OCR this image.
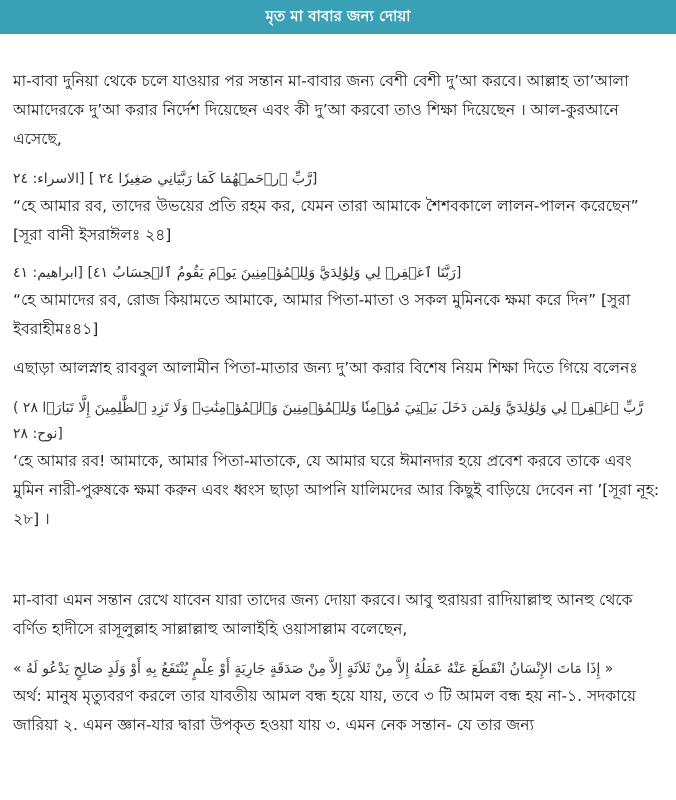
মৃত মা বাবার জন্য দোয়া

মা-বাবা দুনিয়া থেকে চলে যাওয়ার পর সন্তান মা-বাবার জন্য বেশী বেশী দু’আ করবে। আল্লাহ তা’আলা আমাদেরকে দু’আ করার নির্দেশ দিয়েছেন এবং কী দু’আ করবো তাও শিক্ষা দিয়েছেন । আল-কুরআনে এসেছে,

[رَّبِّ ٱرۡحَمۡهُمَا كَمَا رَبَّيَانِي صَغِيرٗا ٢٤ ] [الاسراء: ٢٤

“হে আমার রব, তাদের উভয়ের প্রতি রহম কর, যেমন তারা আমাকে শৈশবকালে লালন-পালন করেছেন” [সূরা বানী ইসরাঈলঃ ২৪]

[رَبَّنَا ٱغۡفِرۡ لِي وَلِوَٰلِدَيَّ وَلِلۡمُؤۡمِنِينَ يَوۡمَ يَقُومُ ٱلۡحِسَابُ ٤١] [ابراهيم: ٤١

“হে আমাদের রব, রোজ কিয়ামতে আমাকে, আমার পিতা-মাতা ও সকল মুমিনকে ক্ষমা করে দিন” [সুরা ইবরাহীমঃ৪১]

এছাড়া আলস্নাহ রাববুল আলামীন পিতা-মাতার জন্য দু’আ করার বিশেষ নিয়ম শিক্ষা দিতে গিয়ে বলেনঃ

رَّبِّ ٱغۡفِرۡ لِي وَلِوَٰلِدَيَّ وَلِمَن دَخَلَ بَيۡتِيَ مُؤۡمِنٗا وَلِلۡمُؤۡمِنِينَ وَٱلۡمُؤۡمِنَٰتِۖ وَلَا تَزِدِ ٱلظَّٰلِمِينَ إِلَّا تَبَارَۢا ٢٨ )
[نوح: ٢٨

‘হে আমার রব! আমাকে, আমার পিতা-মাতাকে, যে আমার ঘরে ঈমানদার হয়ে প্রবেশ করবে তাকে এবং মুমিন নারী-পুরুষকে ক্ষমা করুন এবং ধ্বংস ছাড়া আপনি যালিমদের আর কিছুই বাড়িয়ে দেবেন না ’[সূরা নূহ: ২৮] ।

মা-বাবা এমন সন্তান রেখে যাবেন যারা তাদের জন্য দোয়া করবে। আবু হুরায়রা রাদিয়াল্লাহু আনহু থেকে বর্ণিত হাদীসে রাসূলুল্লাহ সাল্লাল্লাহু আলাইহি ওয়াসাল্লাম বলেছেন,

« إِذَا مَاتَ الإِنْسَانُ انْقَطَعَ عَنْهُ عَمَلُهُ إِلاَّ مِنْ ثَلاَثَةٍ إِلاَّ مِنْ صَدَقَةٍ جَارِيَةٍ أَوْ عِلْمٍ يُنْتَفَعُ بِهِ أَوْ وَلَدٍ صَالِحٍ يَدْعُو لَهُ »

অর্থ: মানুষ মৃত্যুবরণ করলে তার যাবতীয় আমল বন্ধ হয়ে যায়, তবে ৩ টি আমল বন্ধ হয় না-১. সদকায়ে জারিয়া ২. এমন জ্ঞান-যার দ্বারা উপকৃত হওয়া যায় ৩. এমন নেক সন্তান- যে তার জন্য
